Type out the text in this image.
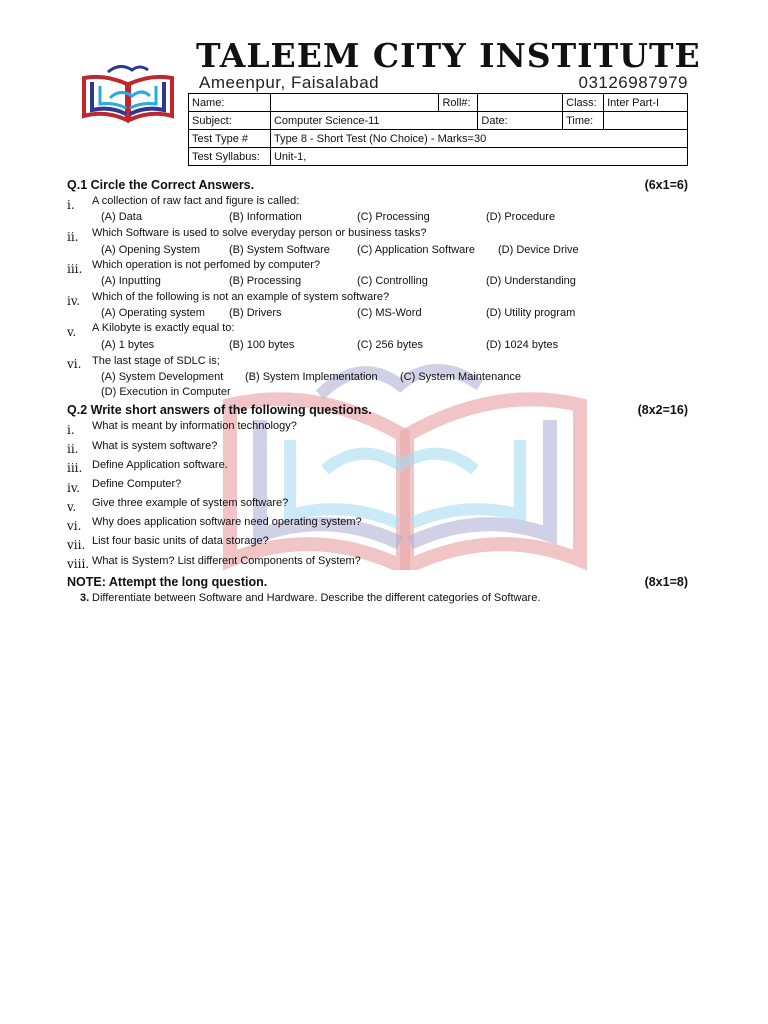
TALEEM CITY INSTITUTE
Ameenpur, Faisalabad	03126987979
Name:		Roll#:		Class:	Inter Part-I
Subject:	Computer Science-11		Date:	Time:	
Test Type #	Type 8 - Short Test (No Choice) - Marks=30				
Test Syllabus:	Unit-1,				
Q.1 Circle the Correct Answers.	(6x1=6)
i. A collection of raw fact and figure is called:
(A) Data	(B) Information	(C) Processing	(D) Procedure
ii. Which Software is used to solve everyday person or business tasks?
(A) Opening System	(B) System Software (C) Application Software (D) Device Drive
iii. Which operation is not perfomed by computer?
(A) Inputting	(B) Processing	(C) Controlling	(D) Understanding
iv. Which of the following is not an example of system software?
(A) Operating system (B) Drivers	(C) MS-Word	(D) Utility program
v. A Kilobyte is exactly equal to:
(A) 1 bytes	(B) 100 bytes	(C) 256 bytes	(D) 1024 bytes
vi. The last stage of SDLC is;
(A) System Development (B) System Implementation (C) System Maintenance
(D) Execution in Computer
Q.2 Write short answers of the following questions.	(8x2=16)
i. What is meant by information technology?
ii. What is system software?
iii. Define Application software.
iv. Define Computer?
v. Give three example of system software?
vi. Why does application software need operating system?
vii. List four basic units of data storage?
viii. What is System? List different Components of System?
NOTE: Attempt the long question.	(8x1=8)
3. Differentiate between Software and Hardware. Describe the different categories of Software.
